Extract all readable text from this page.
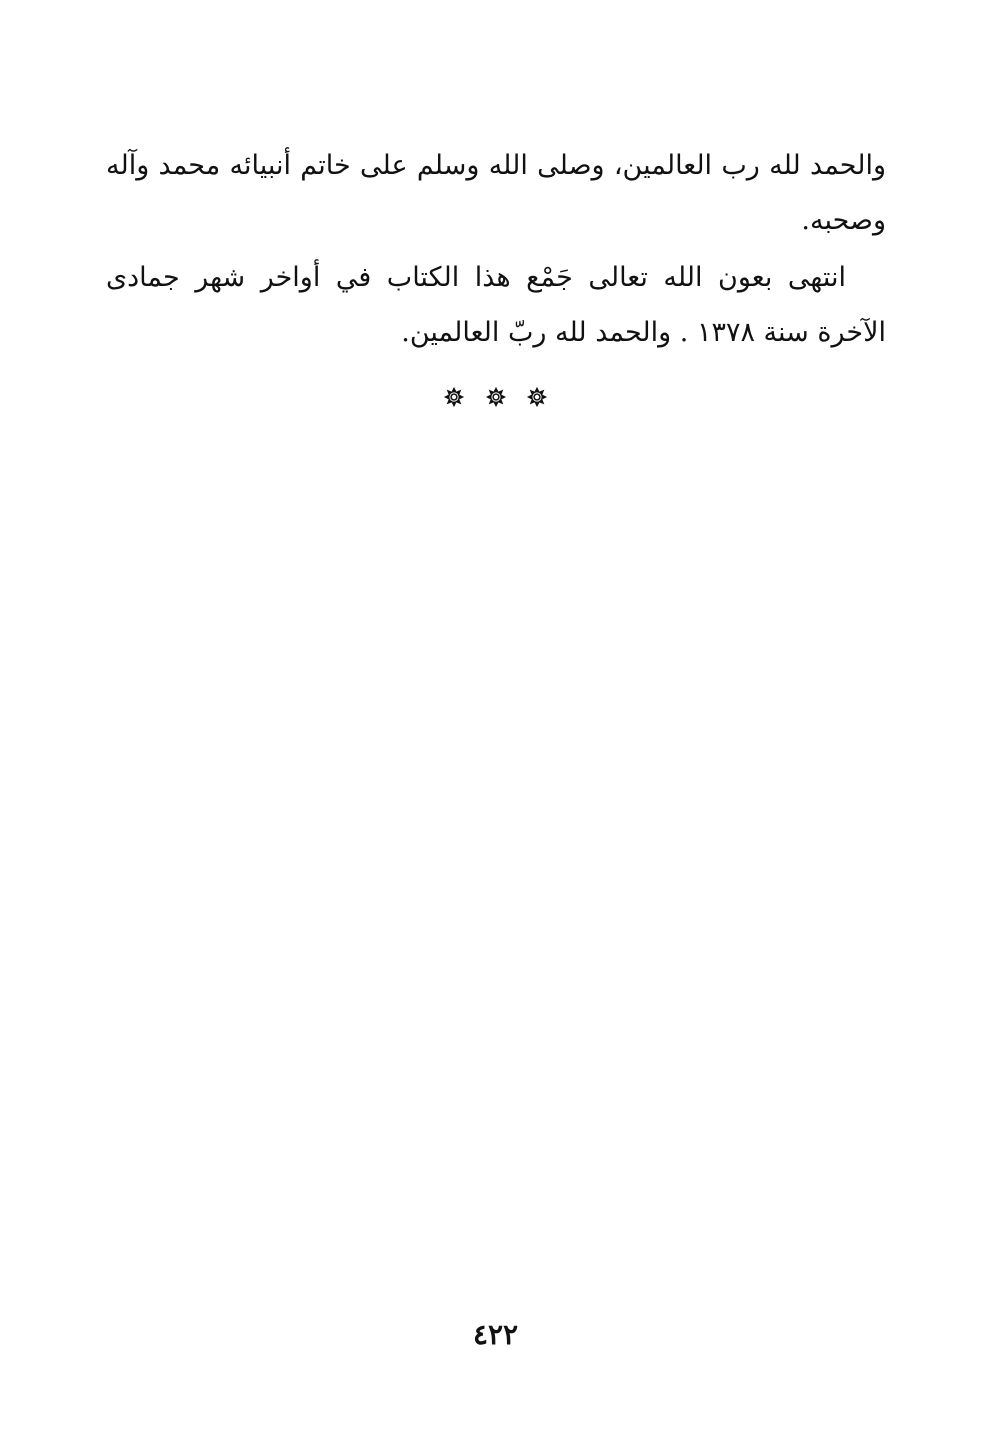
والحمد لله رب العالمين، وصلى الله وسلم على خاتم أنبيائه محمد وآله وصحبه.

انتهى بعون الله تعالى جَمْع هذا الكتاب في أواخر شهر جمادى الآخرة سنة ١٣٧٨ . والحمد لله ربّ العالمين.

٤٢٢
